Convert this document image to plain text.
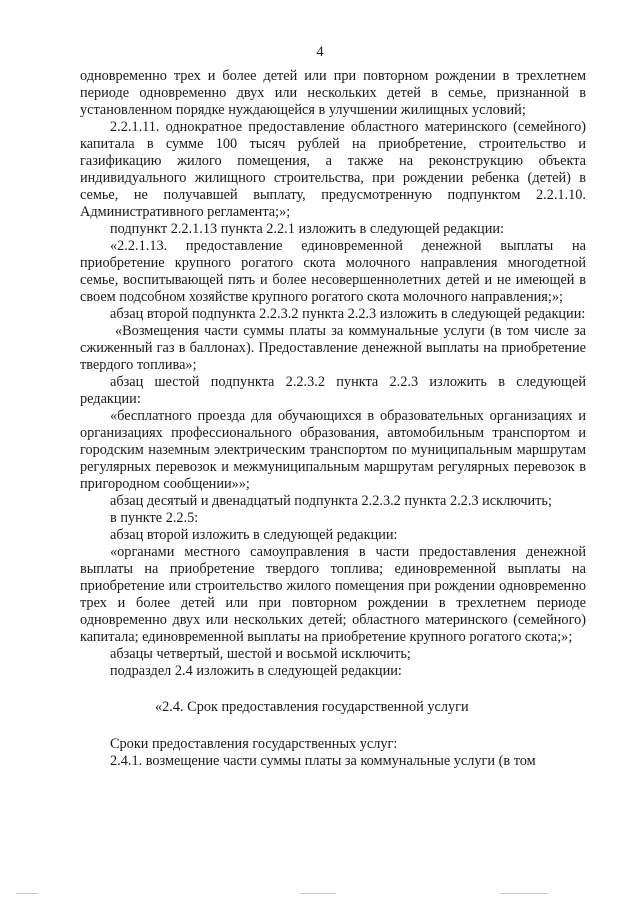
4

одновременно трех и более детей или при повторном рождении в трехлетнем периоде одновременно двух или нескольких детей в семье, признанной в установленном порядке нуждающейся в улучшении жилищных условий;

2.2.1.11. однократное предоставление областного материнского (семейного) капитала в сумме 100 тысяч рублей на приобретение, строительство и газификацию жилого помещения, а также на реконструкцию объекта индивидуального жилищного строительства, при рождении ребенка (детей) в семье, не получавшей выплату, предусмотренную подпунктом 2.2.1.10. Административного регламента;»;

подпункт 2.2.1.13 пункта 2.2.1 изложить в следующей редакции:

«2.2.1.13. предоставление единовременной денежной выплаты на приобретение крупного рогатого скота молочного направления многодетной семье, воспитывающей пять и более несовершеннолетних детей и не имеющей в своем подсобном хозяйстве крупного рогатого скота молочного направления;»;

абзац второй подпункта 2.2.3.2 пункта 2.2.3 изложить в следующей редакции:

«Возмещения части суммы платы за коммунальные услуги (в том числе за сжиженный газ в баллонах). Предоставление денежной выплаты на приобретение твердого топлива»;

абзац шестой подпункта 2.2.3.2 пункта 2.2.3 изложить в следующей редакции:

«бесплатного проезда для обучающихся в образовательных организациях и организациях профессионального образования, автомобильным транспортом и городским наземным электрическим транспортом по муниципальным маршрутам регулярных перевозок и межмуниципальным маршрутам регулярных перевозок в пригородном сообщении»»;

абзац десятый и двенадцатый подпункта 2.2.3.2 пункта 2.2.3 исключить;

в пункте 2.2.5:

абзац второй изложить в следующей редакции:

«органами местного самоуправления в части предоставления денежной выплаты на приобретение твердого топлива; единовременной выплаты на приобретение или строительство жилого помещения при рождении одновременно трех и более детей или при повторном рождении в трехлетнем периоде одновременно двух или нескольких детей; областного материнского (семейного) капитала; единовременной выплаты на приобретение крупного рогатого скота;»;

абзацы четвертый, шестой и восьмой исключить;

подраздел 2.4 изложить в следующей редакции:

«2.4. Срок предоставления государственной услуги

Сроки предоставления государственных услуг:

2.4.1. возмещение части суммы платы за коммунальные услуги (в том
